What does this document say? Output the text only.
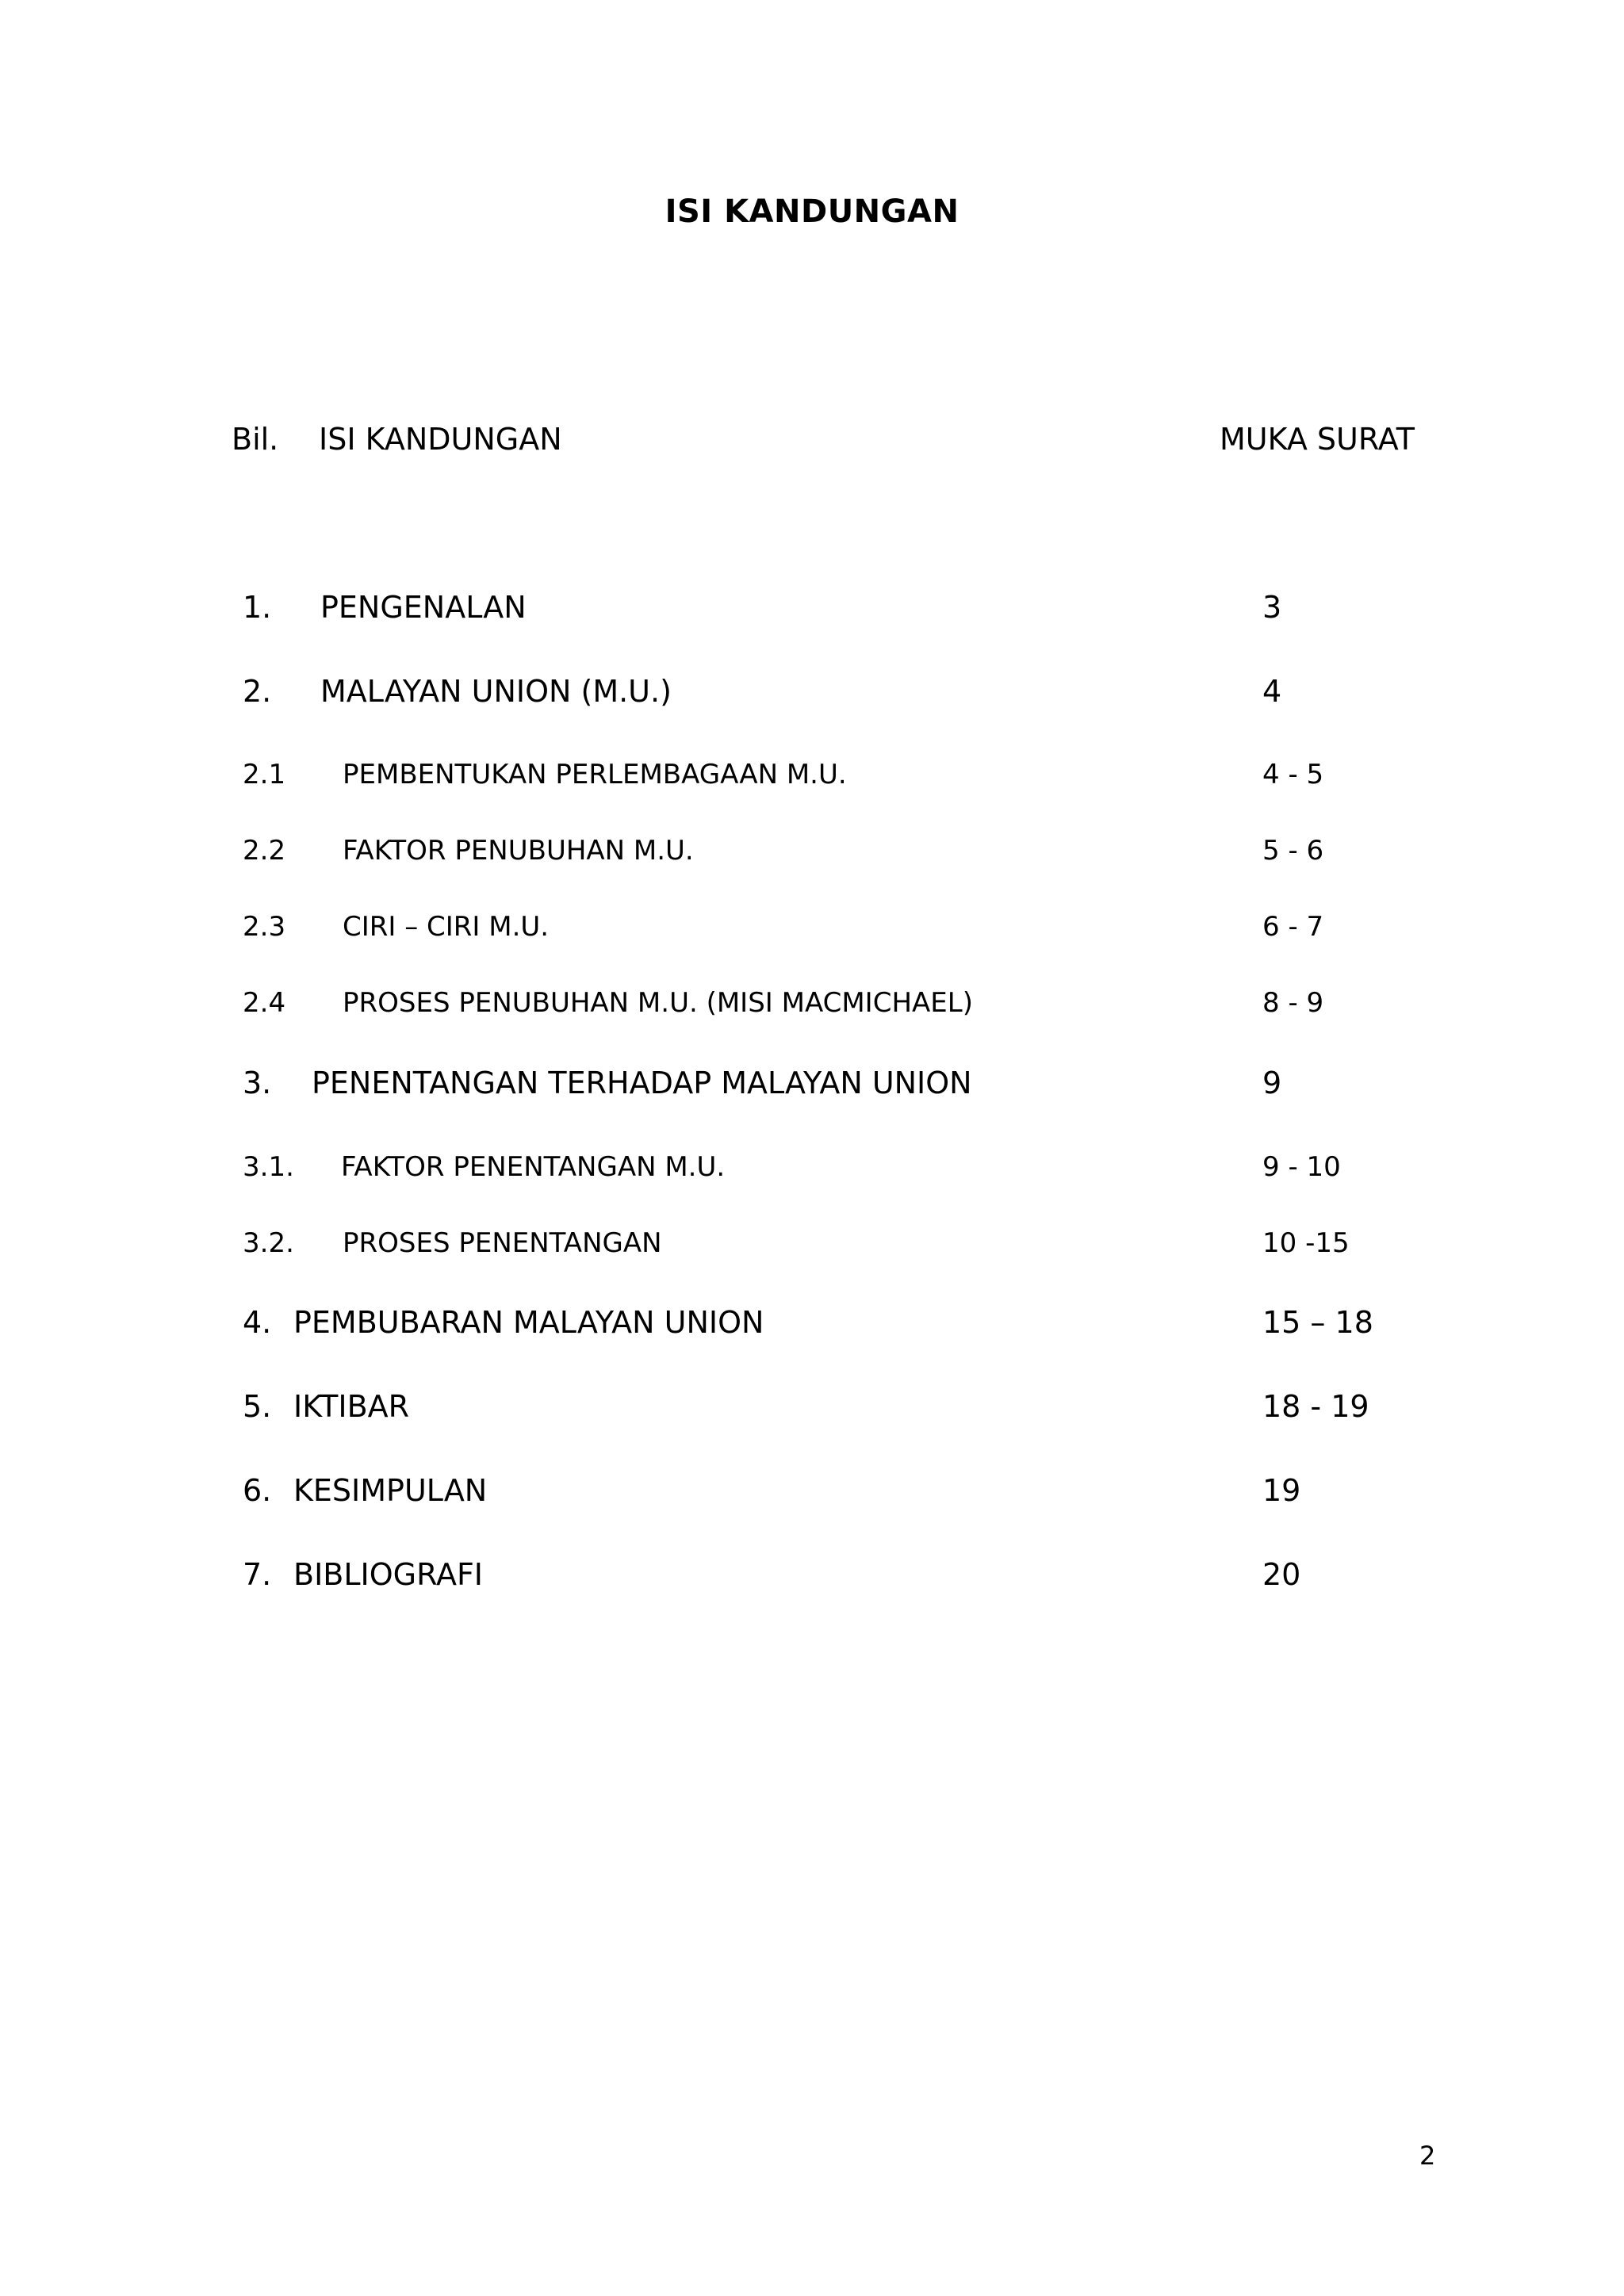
ISI KANDUNGAN
Bil. ISI KANDUNGAN	MUKA SURAT
1. PENGENALAN	3
2. MALAYAN UNION (M.U.)	4
2.1 PEMBENTUKAN PERLEMBAGAAN M.U.	4 - 5
2.2 FAKTOR PENUBUHAN M.U.	5 - 6
2.3 CIRI – CIRI M.U.	6 - 7
2.4 PROSES PENUBUHAN M.U. (MISI MACMICHAEL)	8 - 9
3. PENENTANGAN TERHADAP MALAYAN UNION	9
3.1. FAKTOR PENENTANGAN M.U.	9 - 10
3.2. PROSES PENENTANGAN	10 -15
4. PEMBUBARAN MALAYAN UNION	15 – 18
5. IKTIBAR	18 - 19
6. KESIMPULAN	19
7. BIBLIOGRAFI	20
2
